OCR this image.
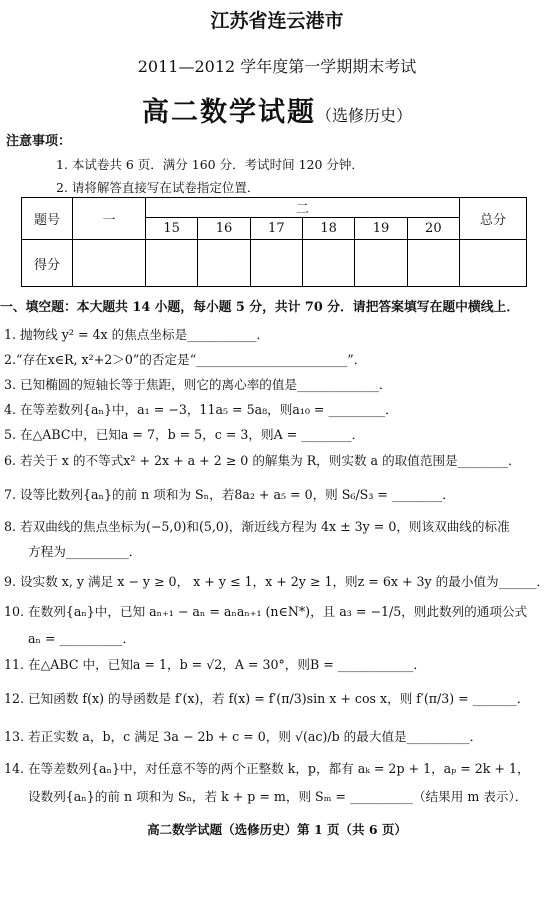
江苏省连云港市
2011—2012 学年度第一学期期末考试
高二数学试题（选修历史）
注意事项：
1. 本试卷共 6 页．满分 160 分．考试时间 120 分钟．
2. 请将解答直接写在试卷指定位置．
题号	一	二						总分
		15	16	17	18	19	20	
得分								
一、填空题：本大题共 14 小题，每小题 5 分，共计 70 分．请把答案填写在题中横线上．
1. 抛物线 y² = 4x 的焦点坐标是___________．
2.“存在x∈R, x²+2＞0”的否定是“________________________”．
3. 已知椭圆的短轴长等于焦距，则它的离心率的值是_____________．
4. 在等差数列{aₙ}中，a₁ = −3，11a₅ = 5a₈，则a₁₀ = _________．
5. 在△ABC中，已知a = 7，b = 5，c = 3，则A = ________．
6. 若关于 x 的不等式x² + 2x + a + 2 ≥ 0 的解集为 R，则实数 a 的取值范围是________．
7. 设等比数列{aₙ}的前 n 项和为 Sₙ，若8a₂ + a₅ = 0，则 S₆/S₃ = ________．
8. 若双曲线的焦点坐标为(−5,0)和(5,0)，渐近线方程为 4x ± 3y = 0，则该双曲线的标准
方程为__________．
9. 设实数 x, y 满足 x − y ≥ 0， x + y ≤ 1，x + 2y ≥ 1，则z = 6x + 3y 的最小值为______．
10. 在数列{aₙ}中，已知 aₙ₊₁ − aₙ = aₙaₙ₊₁ (n∈N*)，且 a₃ = −1/5，则此数列的通项公式
aₙ = __________．
11. 在△ABC 中，已知a = 1，b = √2，A = 30°，则B = ____________．
12. 已知函数 f(x) 的导函数是 f′(x)，若 f(x) = f′(π/3)sin x + cos x，则 f′(π/3) = _______．
13. 若正实数 a，b，c 满足 3a − 2b + c = 0，则 √(ac)/b 的最大值是__________．
14. 在等差数列{aₙ}中，对任意不等的两个正整数 k，p，都有 aₖ = 2p + 1，aₚ = 2k + 1，
设数列{aₙ}的前 n 项和为 Sₙ，若 k + p = m，则 Sₘ = __________（结果用 m 表示）．
高二数学试题（选修历史）第 1 页（共 6 页）
